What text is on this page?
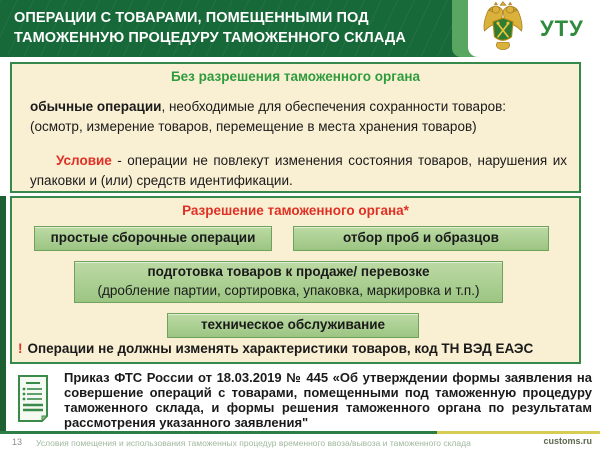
ОПЕРАЦИИ С ТОВАРАМИ, ПОМЕЩЕННЫМИ ПОД ТАМОЖЕННУЮ ПРОЦЕДУРУ ТАМОЖЕННОГО СКЛАДА	УТУ
Без разрешения таможенного органа

обычные операции, необходимые для обеспечения сохранности товаров:
(осмотр, измерение товаров, перемещение в места хранения товаров)

Условие - операции не повлекут изменения состояния товаров, нарушения их упаковки и (или) средств идентификации.

Разрешение таможенного органа*
простые сборочные операции	отбор проб и образцов
подготовка товаров к продаже/ перевозке
(дробление партии, сортировка, упаковка, маркировка и т.п.)
техническое обслуживание
! Операции не должны изменять характеристики товаров, код ТН ВЭД ЕАЭС
Приказ ФТС России от 18.03.2019 № 445 «Об утверждении формы заявления на совершение операций с товарами, помещенными под таможенную процедуру таможенного склада, и формы решения таможенного органа по результатам рассмотрения указанного заявления"
13 Условия помещения и использования таможенных процедур временного ввоза/вывоза и таможенного склада	customs.ru
